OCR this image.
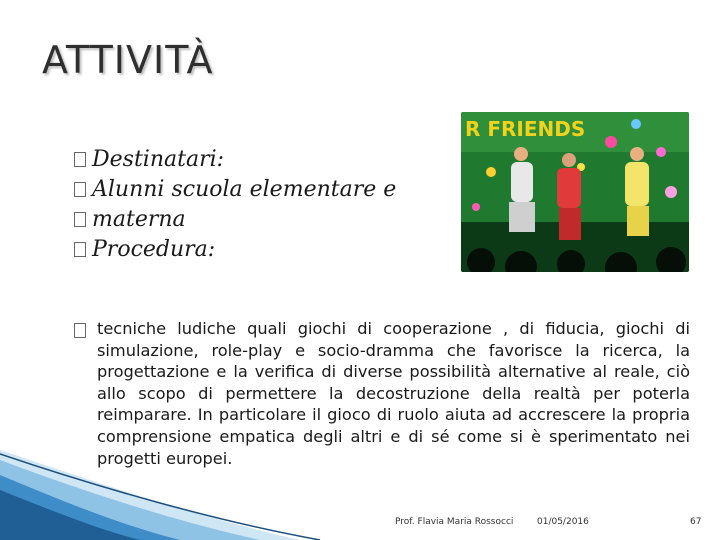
ATTIVITÀ
Destinatari:
Alunni scuola elementare e
materna
Procedura:
R FRIENDS
tecniche ludiche quali giochi di cooperazione , di fiducia, giochi di simulazione, role-play e socio-dramma che favorisce la ricerca, la progettazione e la verifica di diverse possibilità alternative al reale, ciò allo scopo di permettere la decostruzione della realtà per poterla reimparare. In particolare il gioco di ruolo aiuta ad accrescere la propria comprensione empatica degli altri e di sé come si è sperimentato nei progetti europei.
Prof. Flavia Maria Rossocci	01/05/2016	67
